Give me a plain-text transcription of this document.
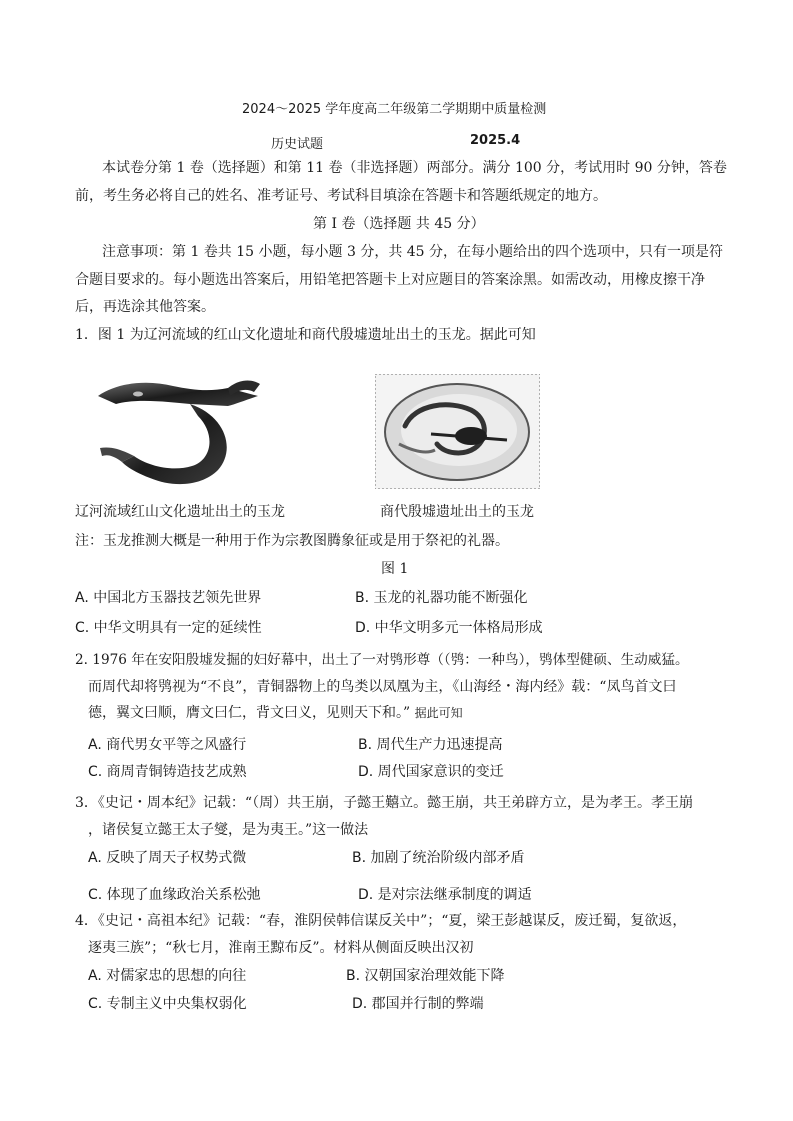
2024～2025 学年度高二年级第二学期期中质量检测
历史试题	2025.4
本试卷分第 1 卷（选择题）和第 11 卷（非选择题）两部分。满分 100 分，考试用时 90 分钟，答卷
前，考生务必将自己的姓名、准考证号、考试科目填涂在答题卡和答题纸规定的地方。
第 I 卷（选择题 共 45 分）
注意事项：第 1 卷共 15 小题，每小题 3 分，共 45 分，在每小题给出的四个选项中，只有一项是符
合题目要求的。每小题选出答案后，用铅笔把答题卡上对应题目的答案涂黑。如需改动，用橡皮擦干净
后，再选涂其他答案。
1．图 1 为辽河流域的红山文化遗址和商代殷墟遗址出土的玉龙。据此可知
辽河流域红山文化遗址出土的玉龙	商代殷墟遗址出土的玉龙
注：玉龙推测大概是一种用于作为宗教图腾象征或是用于祭祀的礼器。
图 1
A. 中国北方玉器技艺领先世界	B. 玉龙的礼器功能不断强化
C. 中华文明具有一定的延续性	D. 中华文明多元一体格局形成
2. 1976 年在安阳殷墟发掘的妇好幕中，出土了一对鸮形尊（（鸮：一种鸟），鸮体型健硕、生动威猛。
而周代却将鸮视为“不良”，青铜器物上的鸟类以凤凰为主，《山海经・海内经》载：“凤鸟首文曰
德，翼文曰顺，膺文曰仁，背文曰义，见则天下和。” 据此可知
A. 商代男女平等之风盛行	B. 周代生产力迅速提高
C. 商周青铜铸造技艺成熟	D. 周代国家意识的变迁
3．《史记・周本纪》记载：“（周）共王崩，子懿王囏立。懿王崩，共王弟辟方立，是为孝王。孝王崩
，诸侯复立懿王太子燮，是为夷王。”这一做法
A. 反映了周天子权势式微	B. 加剧了统治阶级内部矛盾
C. 体现了血缘政治关系松弛	D. 是对宗法继承制度的调适
4．《史记・高祖本纪》记载：“春，淮阴侯韩信谋反关中”；“夏，梁王彭越谋反，废迁蜀，复欲返，
逐夷三族”；“秋七月，淮南王黥布反”。材料从侧面反映出汉初
A. 对儒家忠的思想的向往	B. 汉朝国家治理效能下降
C. 专制主义中央集权弱化	D. 郡国并行制的弊端
